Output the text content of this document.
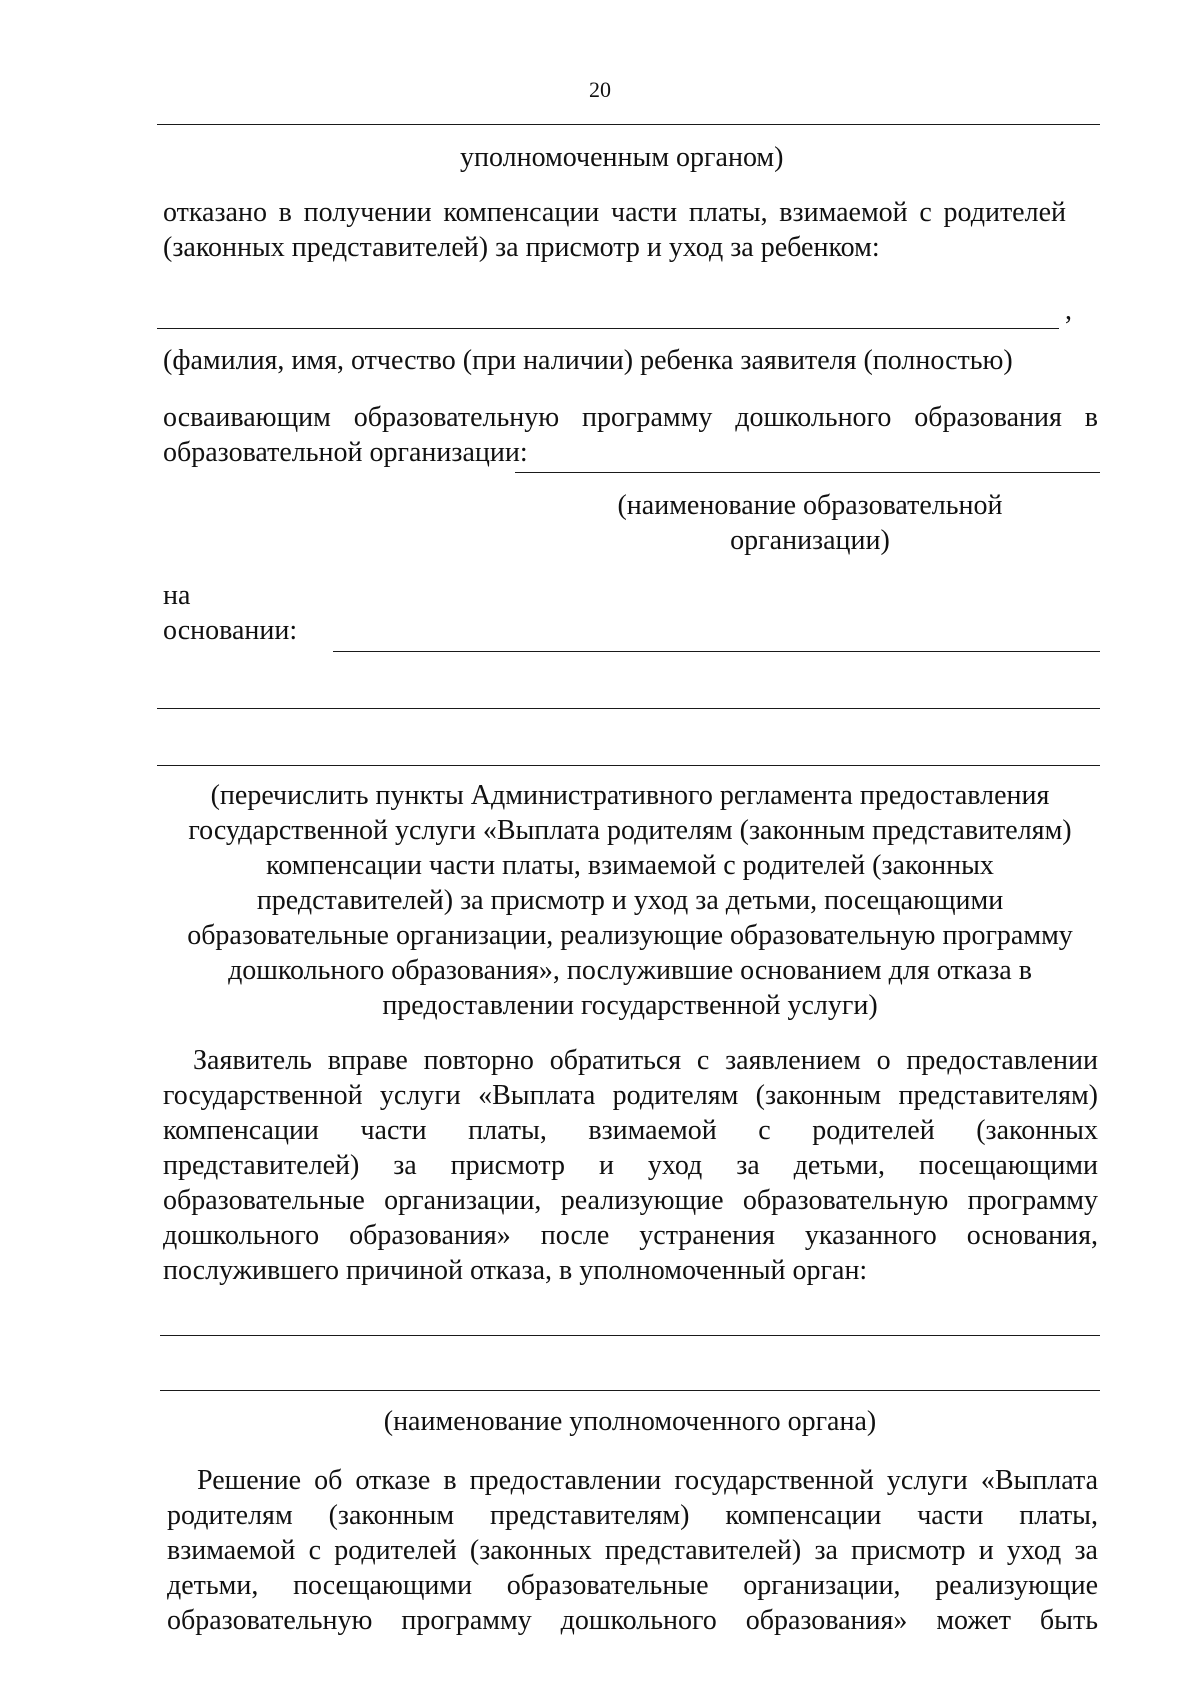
20
уполномоченным органом)
отказано в получении компенсации части платы, взимаемой с родителей
(законных представителей) за присмотр и уход за ребенком:
,
(фамилия, имя, отчество (при наличии) ребенка заявителя (полностью)
осваивающим образовательную программу дошкольного образования в
образовательной организации:
(наименование образовательной
организации)
на
основании:
(перечислить пункты Административного регламента предоставления
государственной услуги «Выплата родителям (законным представителям)
компенсации части платы, взимаемой с родителей (законных
представителей) за присмотр и уход за детьми, посещающими
образовательные организации, реализующие образовательную программу
дошкольного образования», послужившие основанием для отказа в
предоставлении государственной услуги)
Заявитель вправе повторно обратиться с заявлением о предоставлении
государственной услуги «Выплата родителям (законным представителям)
компенсации части платы, взимаемой с родителей (законных
представителей) за присмотр и уход за детьми, посещающими
образовательные организации, реализующие образовательную программу
дошкольного образования» после устранения указанного основания,
послужившего причиной отказа, в уполномоченный орган:
(наименование уполномоченного органа)
Решение об отказе в предоставлении государственной услуги «Выплата
родителям (законным представителям) компенсации части платы,
взимаемой с родителей (законных представителей) за присмотр и уход за
детьми, посещающими образовательные организации, реализующие
образовательную программу дошкольного образования» может быть
